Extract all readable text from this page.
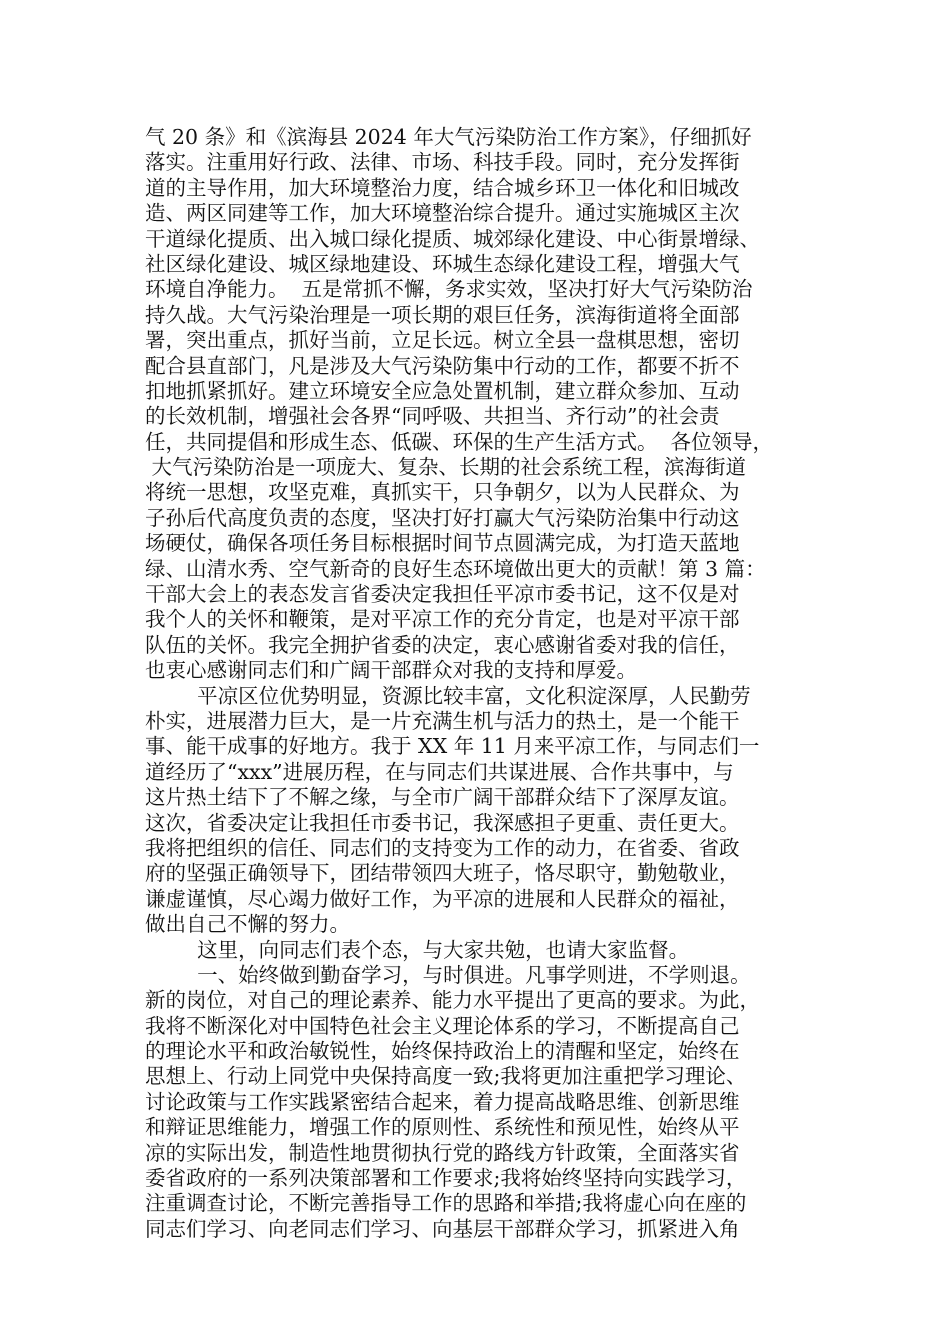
气 20 条》和《滨海县 2024 年大气污染防治工作方案》，仔细抓好
落实。注重用好行政、法律、市场、科技手段。同时，充分发挥街
道的主导作用，加大环境整治力度，结合城乡环卫一体化和旧城改
造、两区同建等工作，加大环境整治综合提升。通过实施城区主次
干道绿化提质、出入城口绿化提质、城郊绿化建设、中心街景增绿、
社区绿化建设、城区绿地建设、环城生态绿化建设工程，增强大气
环境自净能力。  五是常抓不懈，务求实效，坚决打好大气污染防治
持久战。大气污染治理是一项长期的艰巨任务，滨海街道将全面部
署，突出重点，抓好当前，立足长远。树立全县一盘棋思想，密切
配合县直部门，凡是涉及大气污染防集中行动的工作，都要不折不
扣地抓紧抓好。建立环境安全应急处置机制，建立群众参加、互动
的长效机制，增强社会各界“同呼吸、共担当、齐行动”的社会责
任，共同提倡和形成生态、低碳、环保的生产生活方式。  各位领导，
大气污染防治是一项庞大、复杂、长期的社会系统工程，滨海街道
将统一思想，攻坚克难，真抓实干，只争朝夕，以为人民群众、为
子孙后代高度负责的态度，坚决打好打赢大气污染防治集中行动这
场硬仗，确保各项任务目标根据时间节点圆满完成，为打造天蓝地
绿、山清水秀、空气新奇的良好生态环境做出更大的贡献！第 3 篇：
干部大会上的表态发言省委决定我担任平凉市委书记，这不仅是对
我个人的关怀和鞭策，是对平凉工作的充分肯定，也是对平凉干部
队伍的关怀。我完全拥护省委的决定，衷心感谢省委对我的信任，
也衷心感谢同志们和广阔干部群众对我的支持和厚爱。
平凉区位优势明显，资源比较丰富，文化积淀深厚，人民勤劳
朴实，进展潜力巨大，是一片充满生机与活力的热土，是一个能干
事、能干成事的好地方。我于 XX 年 11 月来平凉工作，与同志们一
道经历了“xxx”进展历程，在与同志们共谋进展、合作共事中，与
这片热土结下了不解之缘，与全市广阔干部群众结下了深厚友谊。
这次，省委决定让我担任市委书记，我深感担子更重、责任更大。
我将把组织的信任、同志们的支持变为工作的动力，在省委、省政
府的坚强正确领导下，团结带领四大班子，恪尽职守，勤勉敬业，
谦虚谨慎，尽心竭力做好工作，为平凉的进展和人民群众的福祉，
做出自己不懈的努力。
这里，向同志们表个态，与大家共勉，也请大家监督。
一、始终做到勤奋学习，与时俱进。凡事学则进，不学则退。
新的岗位，对自己的理论素养、能力水平提出了更高的要求。为此，
我将不断深化对中国特色社会主义理论体系的学习，不断提高自己
的理论水平和政治敏锐性，始终保持政治上的清醒和坚定，始终在
思想上、行动上同党中央保持高度一致;我将更加注重把学习理论、
讨论政策与工作实践紧密结合起来，着力提高战略思维、创新思维
和辩证思维能力，增强工作的原则性、系统性和预见性，始终从平
凉的实际出发，制造性地贯彻执行党的路线方针政策，全面落实省
委省政府的一系列决策部署和工作要求;我将始终坚持向实践学习，
注重调查讨论，不断完善指导工作的思路和举措;我将虚心向在座的
同志们学习、向老同志们学习、向基层干部群众学习，抓紧进入角
